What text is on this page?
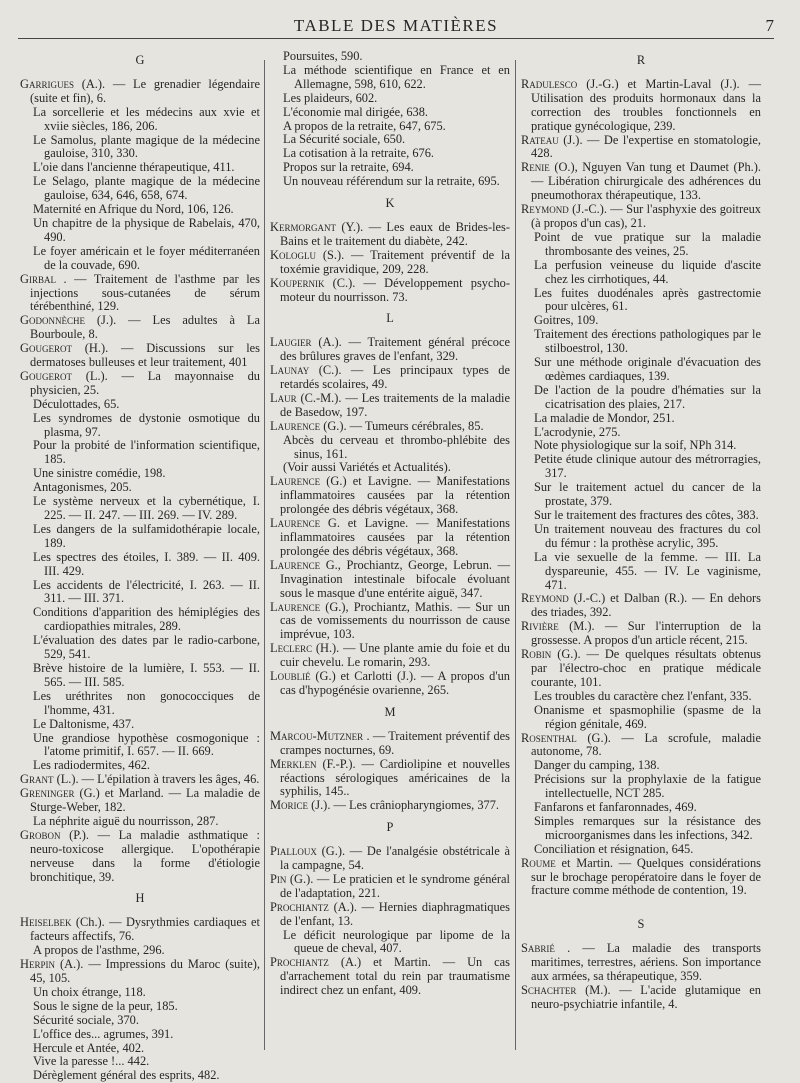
TABLE DES MATIÈRES	7
G

Garrigues (A.). — Le grenadier légendaire (suite et fin), 6.

La sorcellerie et les médecins aux xvie et xviie siècles, 186, 206.

Le Samolus, plante magique de la médecine gauloise, 310, 330.

L'oie dans l'ancienne thérapeutique, 411.

Le Selago, plante magique de la médecine gauloise, 634, 646, 658, 674.

Maternité en Afrique du Nord, 106, 126.

Un chapitre de la physique de Rabelais, 470, 490.

Le foyer américain et le foyer méditerranéen de la couvade, 690.

Girbal . — Traitement de l'asthme par les injections sous-cutanées de sérum térébenthiné, 129.

Godonnèche (J.). — Les adultes à La Bourboule, 8.

Gougerot (H.). — Discussions sur les dermatoses bulleuses et leur traitement, 401

Gougerot (L.). — La mayonnaise du physicien, 25.

Déculottades, 65.

Les syndromes de dystonie osmotique du plasma, 97.

Pour la probité de l'information scientifique, 185.

Une sinistre comédie, 198.

Antagonismes, 205.

Le système nerveux et la cybernétique, I. 225. — II. 247. — III. 269. — IV. 289.

Les dangers de la sulfamidothérapie locale, 189.

Les spectres des étoiles, I. 389. — II. 409. III. 429.

Les accidents de l'électricité, I. 263. — II. 311. — III. 371.

Conditions d'apparition des hémiplégies des cardiopathies mitrales, 289.

L'évaluation des dates par le radio-carbone, 529, 541.

Brève histoire de la lumière, I. 553. — II. 565. — III. 585.

Les uréthrites non gonococciques de l'homme, 431.

Le Daltonisme, 437.

Une grandiose hypothèse cosmogonique : l'atome primitif, I. 657. — II. 669.

Les radiodermites, 462.

Grant (L.). — L'épilation à travers les âges, 46.

Greninger (G.) et Marland. — La maladie de Sturge-Weber, 182.

La néphrite aiguë du nourrisson, 287.

Grobon (P.). — La maladie asthmatique : neuro-toxicose allergique. L'opothérapie nerveuse dans la forme d'étiologie bronchitique, 39.

H

Heiselbek (Ch.). — Dysrythmies cardiaques et facteurs affectifs, 76.

A propos de l'asthme, 296.

Herpin (A.). — Impressions du Maroc (suite), 45, 105.

Un choix étrange, 118.

Sous le signe de la peur, 185.

Sécurité sociale, 370.

L'office des... agrumes, 391.

Hercule et Antée, 402.

Vive la paresse !... 442.

Dérèglement général des esprits, 482.

Poursuites, 590.

La méthode scientifique en France et en Allemagne, 598, 610, 622.

Les plaideurs, 602.

L'économie mal dirigée, 638.

A propos de la retraite, 647, 675.

La Sécurité sociale, 650.

La cotisation à la retraite, 676.

Propos sur la retraite, 694.

Un nouveau référendum sur la retraite, 695.

K

Kermorgant (Y.). — Les eaux de Brides-les-Bains et le traitement du diabète, 242.

Kologlu (S.). — Traitement préventif de la toxémie gravidique, 209, 228.

Koupernik (C.). — Développement psycho-moteur du nourrisson. 73.

L

Laugier (A.). — Traitement général précoce des brûlures graves de l'enfant, 329.

Launay (C.). — Les principaux types de retardés scolaires, 49.

Laur (C.-M.). — Les traitements de la maladie de Basedow, 197.

Laurence (G.). — Tumeurs cérébrales, 85.

Abcès du cerveau et thrombo-phlébite des sinus, 161.

(Voir aussi Variétés et Actualités).

Laurence (G.) et Lavigne. — Manifestations inflammatoires causées par la rétention prolongée des débris végétaux, 368.

Laurence G. et Lavigne. — Manifestations inflammatoires causées par la rétention prolongée des débris végétaux, 368.

Laurence G., Prochiantz, George, Lebrun. — Invagination intestinale bifocale évoluant sous le masque d'une entérite aiguë, 347.

Laurence (G.), Prochiantz, Mathis. — Sur un cas de vomissements du nourrisson de cause imprévue, 103.

Leclerc (H.). — Une plante amie du foie et du cuir chevelu. Le romarin, 293.

Loublié (G.) et Carlotti (J.). — A propos d'un cas d'hypogénésie ovarienne, 265.

M

Marcou-Mutzner . — Traitement préventif des crampes nocturnes, 69.

Merklen (F.-P.). — Cardiolipine et nouvelles réactions sérologiques américaines de la syphilis, 145..

Morice (J.). — Les crâniopharyngiomes, 377.

P

Pialloux (G.). — De l'analgésie obstétricale à la campagne, 54.

Pin (G.). — Le praticien et le syndrome général de l'adaptation, 221.

Prochiantz (A.). — Hernies diaphragmatiques de l'enfant, 13.

Le déficit neurologique par lipome de la queue de cheval, 407.

Prochiantz (A.) et Martin. — Un cas d'arrachement total du rein par traumatisme indirect chez un enfant, 409.

R

Radulesco (J.-G.) et Martin-Laval (J.). — Utilisation des produits hormonaux dans la correction des troubles fonctionnels en pratique gynécologique, 239.

Rateau (J.). — De l'expertise en stomatologie, 428.

Renie (O.), Nguyen Van tung et Daumet (Ph.). — Libération chirurgicale des adhérences du pneumothorax thérapeutique, 133.

Reymond (J.-C.). — Sur l'asphyxie des goitreux (à propos d'un cas), 21.

Point de vue pratique sur la maladie thrombosante des veines, 25.

La perfusion veineuse du liquide d'ascite chez les cirrhotiques, 44.

Les fuites duodénales après gastrectomie pour ulcères, 61.

Goitres, 109.

Traitement des érections pathologiques par le stilboestrol, 130.

Sur une méthode originale d'évacuation des œdèmes cardiaques, 139.

De l'action de la poudre d'hématies sur la cicatrisation des plaies, 217.

La maladie de Mondor, 251.

L'acrodynie, 275.

Note physiologique sur la soif, NPh 314.

Petite étude clinique autour des métrorragies, 317.

Sur le traitement actuel du cancer de la prostate, 379.

Sur le traitement des fractures des côtes, 383.

Un traitement nouveau des fractures du col du fémur : la prothèse acrylic, 395.

La vie sexuelle de la femme. — III. La dyspareunie, 455. — IV. Le vaginisme, 471.

Reymond (J.-C.) et Dalban (R.). — En dehors des triades, 392.

Rivière (M.). — Sur l'interruption de la grossesse. A propos d'un article récent, 215.

Robin (G.). — De quelques résultats obtenus par l'électro-choc en pratique médicale courante, 101.

Les troubles du caractère chez l'enfant, 335.

Onanisme et spasmophilie (spasme de la région génitale, 469.

Rosenthal (G.). — La scrofule, maladie autonome, 78.

Danger du camping, 138.

Précisions sur la prophylaxie de la fatigue intellectuelle, NCT 285.

Fanfarons et fanfaronnades, 469.

Simples remarques sur la résistance des microorganismes dans les infections, 342.

Conciliation et résignation, 645.

Roume et Martin. — Quelques considérations sur le brochage peropératoire dans le foyer de fracture comme méthode de contention, 19.

S

Sabrié . — La maladie des transports maritimes, terrestres, aériens. Son importance aux armées, sa thérapeutique, 359.

Schachter (M.). — L'acide glutamique en neuro-psychiatrie infantile, 4.
